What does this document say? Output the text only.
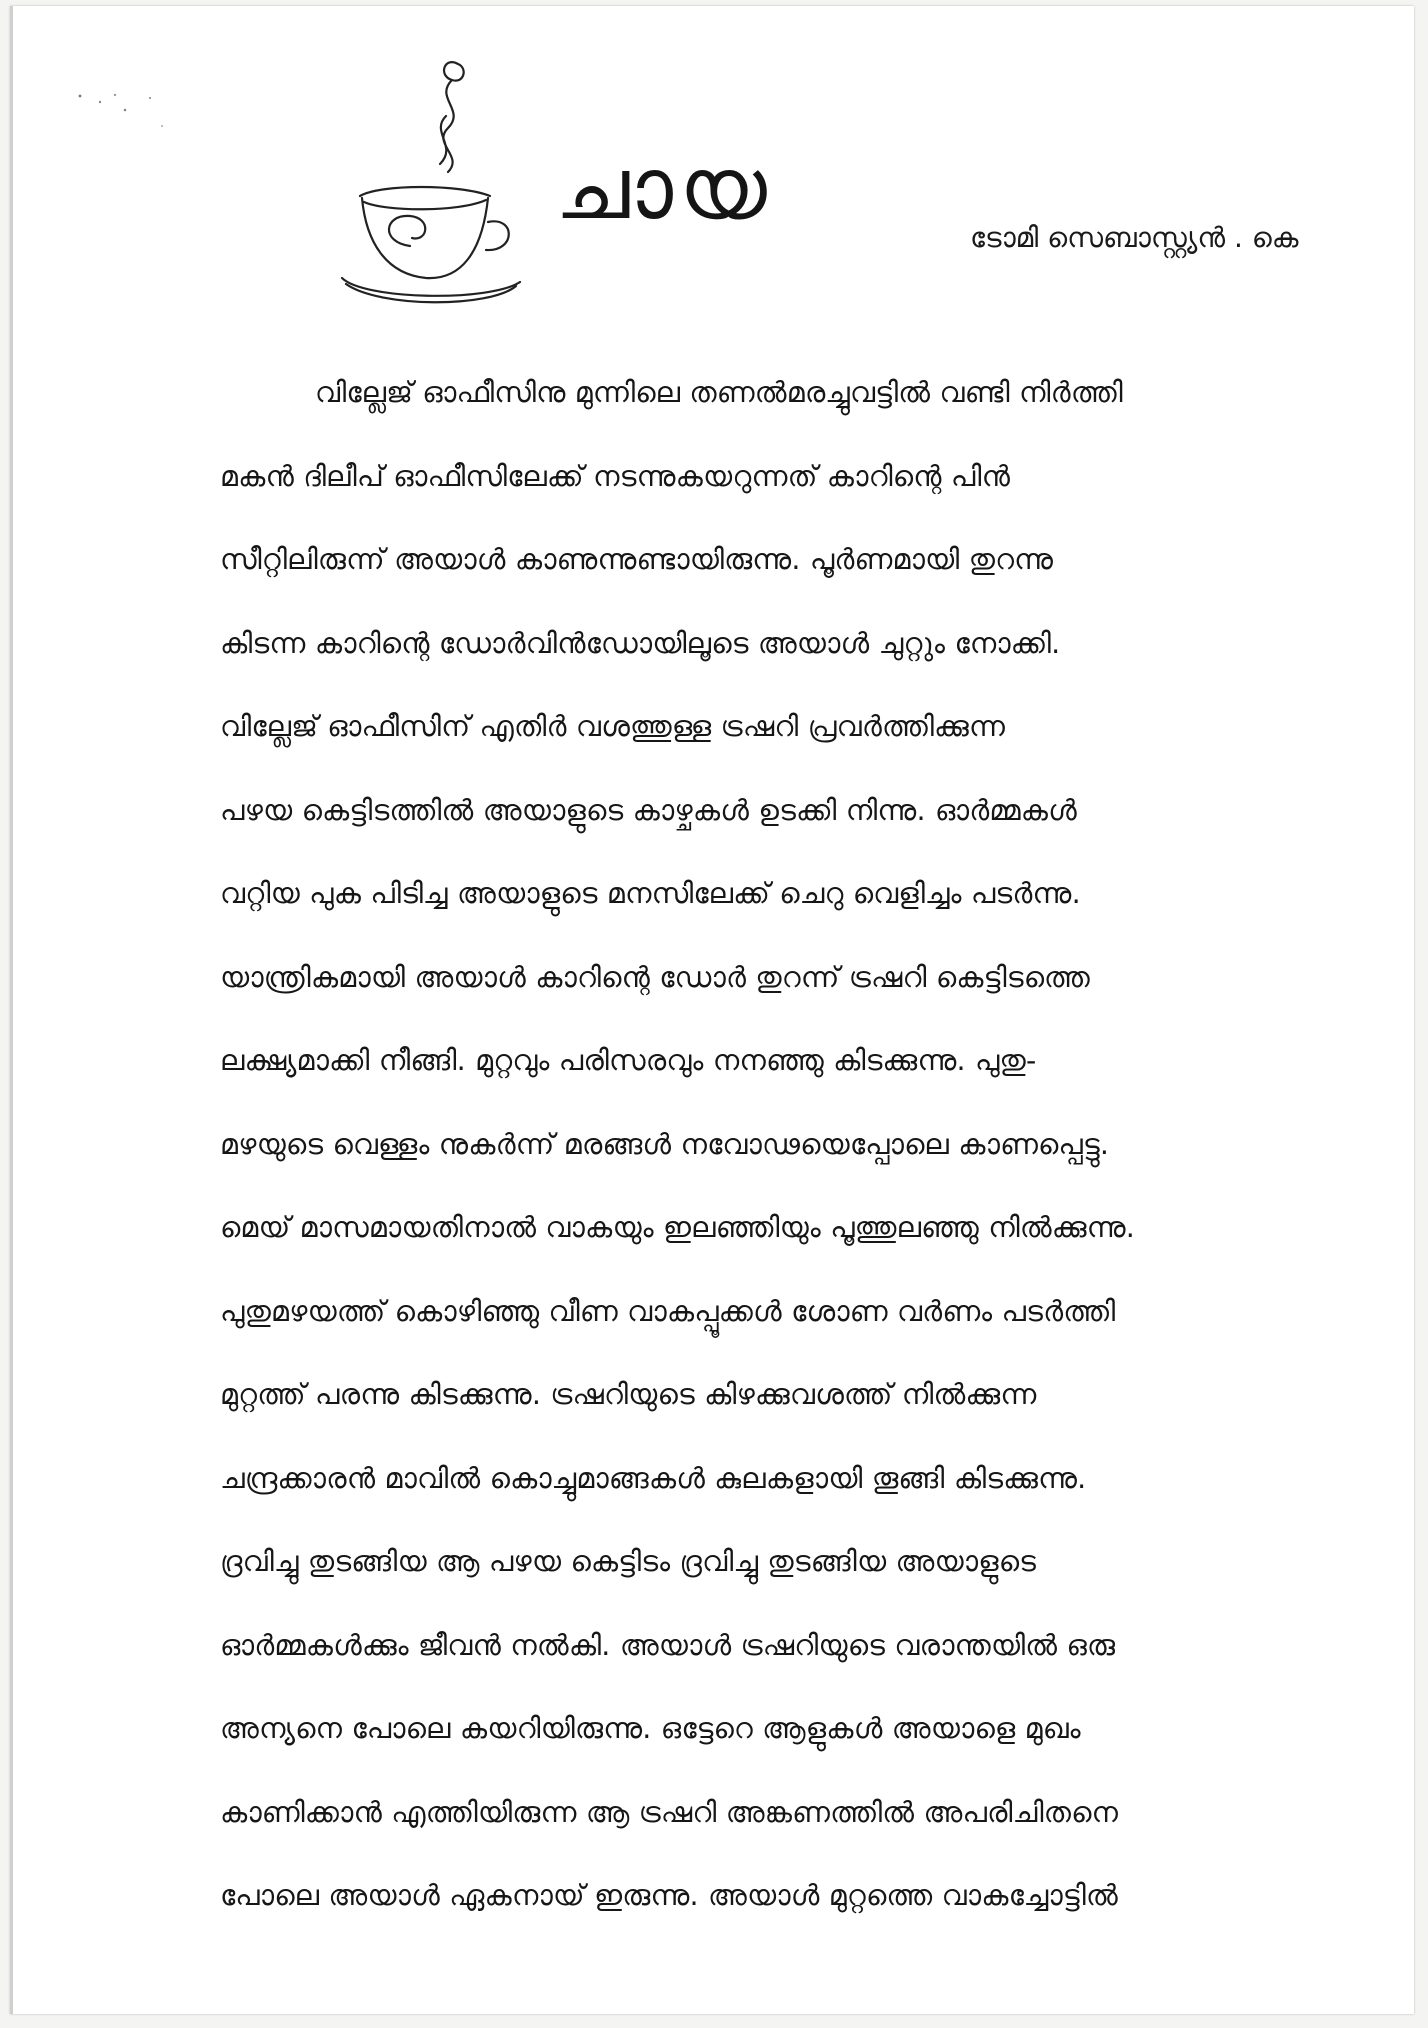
ചായ	ടോമി സെബാസ്റ്റ്യൻ . കെ
വില്ലേജ് ഓഫീസിനു മുന്നിലെ തണൽമരച്ചുവട്ടിൽ വണ്ടി നിർത്തി
മകൻ ദിലീപ് ഓഫീസിലേക്ക് നടന്നുകയറുന്നത് കാറിന്റെ പിൻ
സീറ്റിലിരുന്ന് അയാൾ കാണുന്നുണ്ടായിരുന്നു. പൂർണമായി തുറന്നു
കിടന്ന കാറിന്റെ ഡോർവിൻഡോയിലൂടെ അയാൾ ചുറ്റും നോക്കി.
വില്ലേജ് ഓഫീസിന് എതിർ വശത്തുള്ള ട്രഷറി പ്രവർത്തിക്കുന്ന
പഴയ കെട്ടിടത്തിൽ അയാളുടെ കാഴ്ചകൾ ഉടക്കി നിന്നു. ഓർമ്മകൾ
വറ്റിയ പുക പിടിച്ച അയാളുടെ മനസിലേക്ക് ചെറു വെളിച്ചം പടർന്നു.
യാന്ത്രികമായി അയാൾ കാറിന്റെ ഡോർ തുറന്ന് ട്രഷറി കെട്ടിടത്തെ
ലക്ഷ്യമാക്കി നീങ്ങി. മുറ്റവും പരിസരവും നനഞ്ഞു കിടക്കുന്നു. പുതു-
മഴയുടെ വെള്ളം നുകർന്ന് മരങ്ങൾ നവോഢയെപ്പോലെ കാണപ്പെട്ടു.
മെയ് മാസമായതിനാൽ വാകയും ഇലഞ്ഞിയും പൂത്തുലഞ്ഞു നിൽക്കുന്നു.
പുതുമഴയത്ത് കൊഴിഞ്ഞു വീണ വാകപ്പൂക്കൾ ശോണ വർണം പടർത്തി
മുറ്റത്ത് പരന്നു കിടക്കുന്നു. ട്രഷറിയുടെ കിഴക്കുവശത്ത് നിൽക്കുന്ന
ചന്ദ്രക്കാരൻ മാവിൽ കൊച്ചുമാങ്ങകൾ കുലകളായി തൂങ്ങി കിടക്കുന്നു.
ദ്രവിച്ചു തുടങ്ങിയ ആ പഴയ കെട്ടിടം ദ്രവിച്ചു തുടങ്ങിയ അയാളുടെ
ഓർമ്മകൾക്കും ജീവൻ നൽകി. അയാൾ ട്രഷറിയുടെ വരാന്തയിൽ ഒരു
അന്യനെ പോലെ കയറിയിരുന്നു. ഒട്ടേറെ ആളുകൾ അയാളെ മുഖം
കാണിക്കാൻ എത്തിയിരുന്ന ആ ട്രഷറി അങ്കണത്തിൽ അപരിചിതനെ
പോലെ അയാൾ ഏകനായ് ഇരുന്നു. അയാൾ മുറ്റത്തെ വാകച്ചോട്ടിൽ
